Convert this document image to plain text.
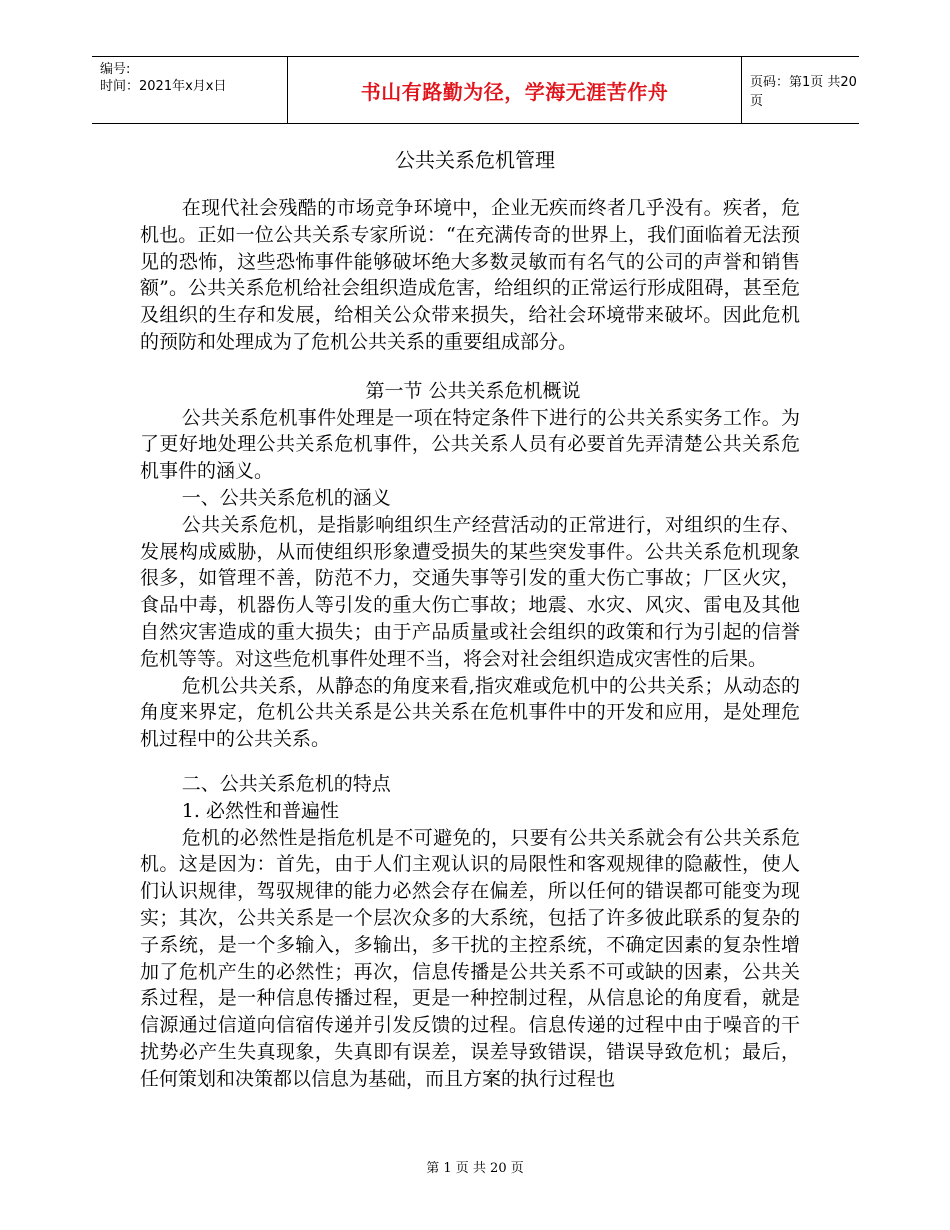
编号:
时间：2021年x月x日	书山有路勤为径，学海无涯苦作舟	页码：第1页 共20页
公共关系危机管理

在现代社会残酷的市场竞争环境中，企业无疾而终者几乎没有。疾者，危机也。正如一位公共关系专家所说：“在充满传奇的世界上，我们面临着无法预见的恐怖，这些恐怖事件能够破坏绝大多数灵敏而有名气的公司的声誉和销售额”。公共关系危机给社会组织造成危害，给组织的正常运行形成阻碍，甚至危及组织的生存和发展，给相关公众带来损失，给社会环境带来破坏。因此危机的预防和处理成为了危机公共关系的重要组成部分。

第一节 公共关系危机概说

公共关系危机事件处理是一项在特定条件下进行的公共关系实务工作。为了更好地处理公共关系危机事件，公共关系人员有必要首先弄清楚公共关系危机事件的涵义。

一、公共关系危机的涵义

公共关系危机，是指影响组织生产经营活动的正常进行，对组织的生存、发展构成威胁，从而使组织形象遭受损失的某些突发事件。公共关系危机现象很多，如管理不善，防范不力，交通失事等引发的重大伤亡事故；厂区火灾，食品中毒，机器伤人等引发的重大伤亡事故；地震、水灾、风灾、雷电及其他自然灾害造成的重大损失；由于产品质量或社会组织的政策和行为引起的信誉危机等等。对这些危机事件处理不当，将会对社会组织造成灾害性的后果。

危机公共关系，从静态的角度来看,指灾难或危机中的公共关系；从动态的角度来界定，危机公共关系是公共关系在危机事件中的开发和应用，是处理危机过程中的公共关系。

二、公共关系危机的特点

1. 必然性和普遍性

危机的必然性是指危机是不可避免的，只要有公共关系就会有公共关系危机。这是因为：首先，由于人们主观认识的局限性和客观规律的隐蔽性，使人们认识规律，驾驭规律的能力必然会存在偏差，所以任何的错误都可能变为现实；其次，公共关系是一个层次众多的大系统，包括了许多彼此联系的复杂的子系统，是一个多输入，多输出，多干扰的主控系统，不确定因素的复杂性增加了危机产生的必然性；再次，信息传播是公共关系不可或缺的因素，公共关系过程，是一种信息传播过程，更是一种控制过程，从信息论的角度看，就是信源通过信道向信宿传递并引发反馈的过程。信息传递的过程中由于噪音的干扰势必产生失真现象，失真即有误差，误差导致错误，错误导致危机；最后，任何策划和决策都以信息为基础，而且方案的执行过程也

第 1 页 共 20 页
